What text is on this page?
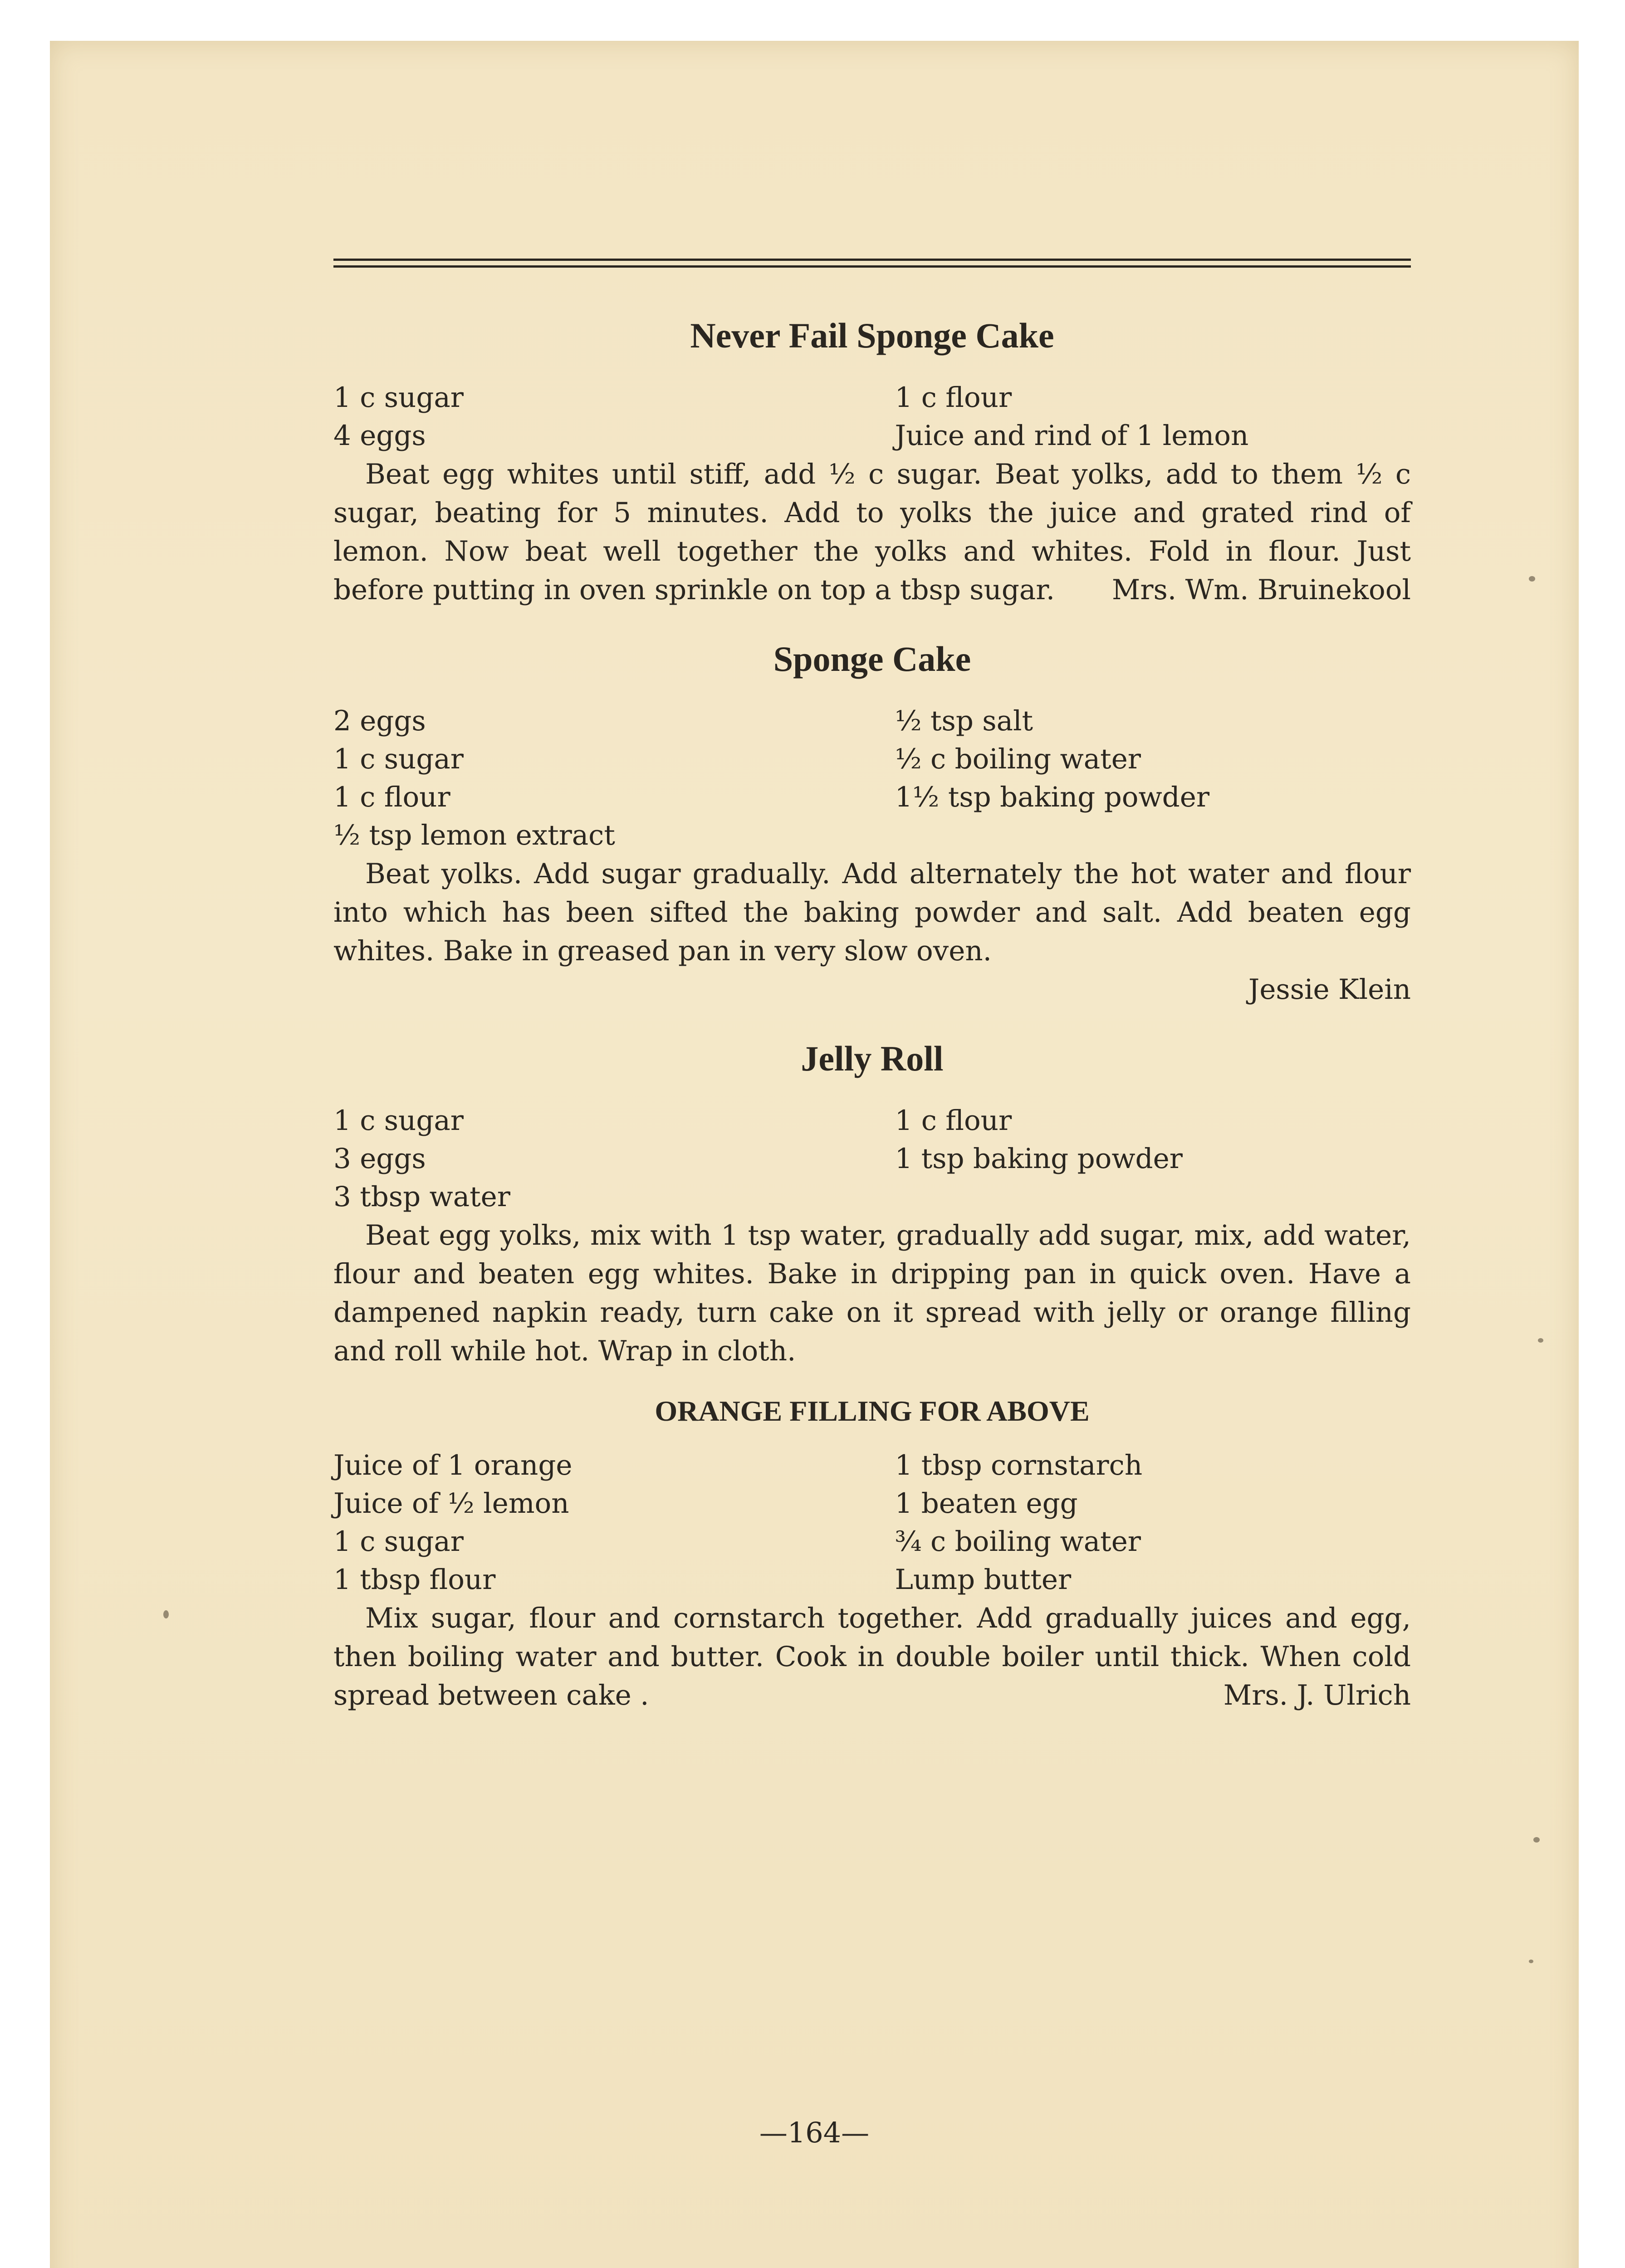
Never Fail Sponge Cake
1 c sugar	1 c flour
4 eggs	Juice and rind of 1 lemon

Beat egg whites until stiff, add ½ c sugar. Beat yolks, add to them ½ c sugar, beating for 5 minutes. Add to yolks the juice and grated rind of lemon. Now beat well together the yolks and whites. Fold in flour. Just before putting in oven sprinkle on top a tbsp sugar.	Mrs. Wm. Bruinekool

Sponge Cake
2 eggs	½ tsp salt
1 c sugar	½ c boiling water
1 c flour	1½ tsp baking powder
½ tsp lemon extract

Beat yolks. Add sugar gradually. Add alternately the hot water and flour into which has been sifted the baking powder and salt. Add beaten egg whites. Bake in greased pan in very slow oven.

Jessie Klein

Jelly Roll
1 c sugar	1 c flour
3 eggs	1 tsp baking powder
3 tbsp water

Beat egg yolks, mix with 1 tsp water, gradually add sugar, mix, add water, flour and beaten egg whites. Bake in dripping pan in quick oven. Have a dampened napkin ready, turn cake on it spread with jelly or orange filling and roll while hot. Wrap in cloth.

ORANGE FILLING FOR ABOVE
Juice of 1 orange	1 tbsp cornstarch
Juice of ½ lemon	1 beaten egg
1 c sugar	¾ c boiling water
1 tbsp flour	Lump butter

Mix sugar, flour and cornstarch together. Add gradually juices and egg, then boiling water and butter. Cook in double boiler until thick. When cold spread between cake .	Mrs. J. Ulrich

—164—
